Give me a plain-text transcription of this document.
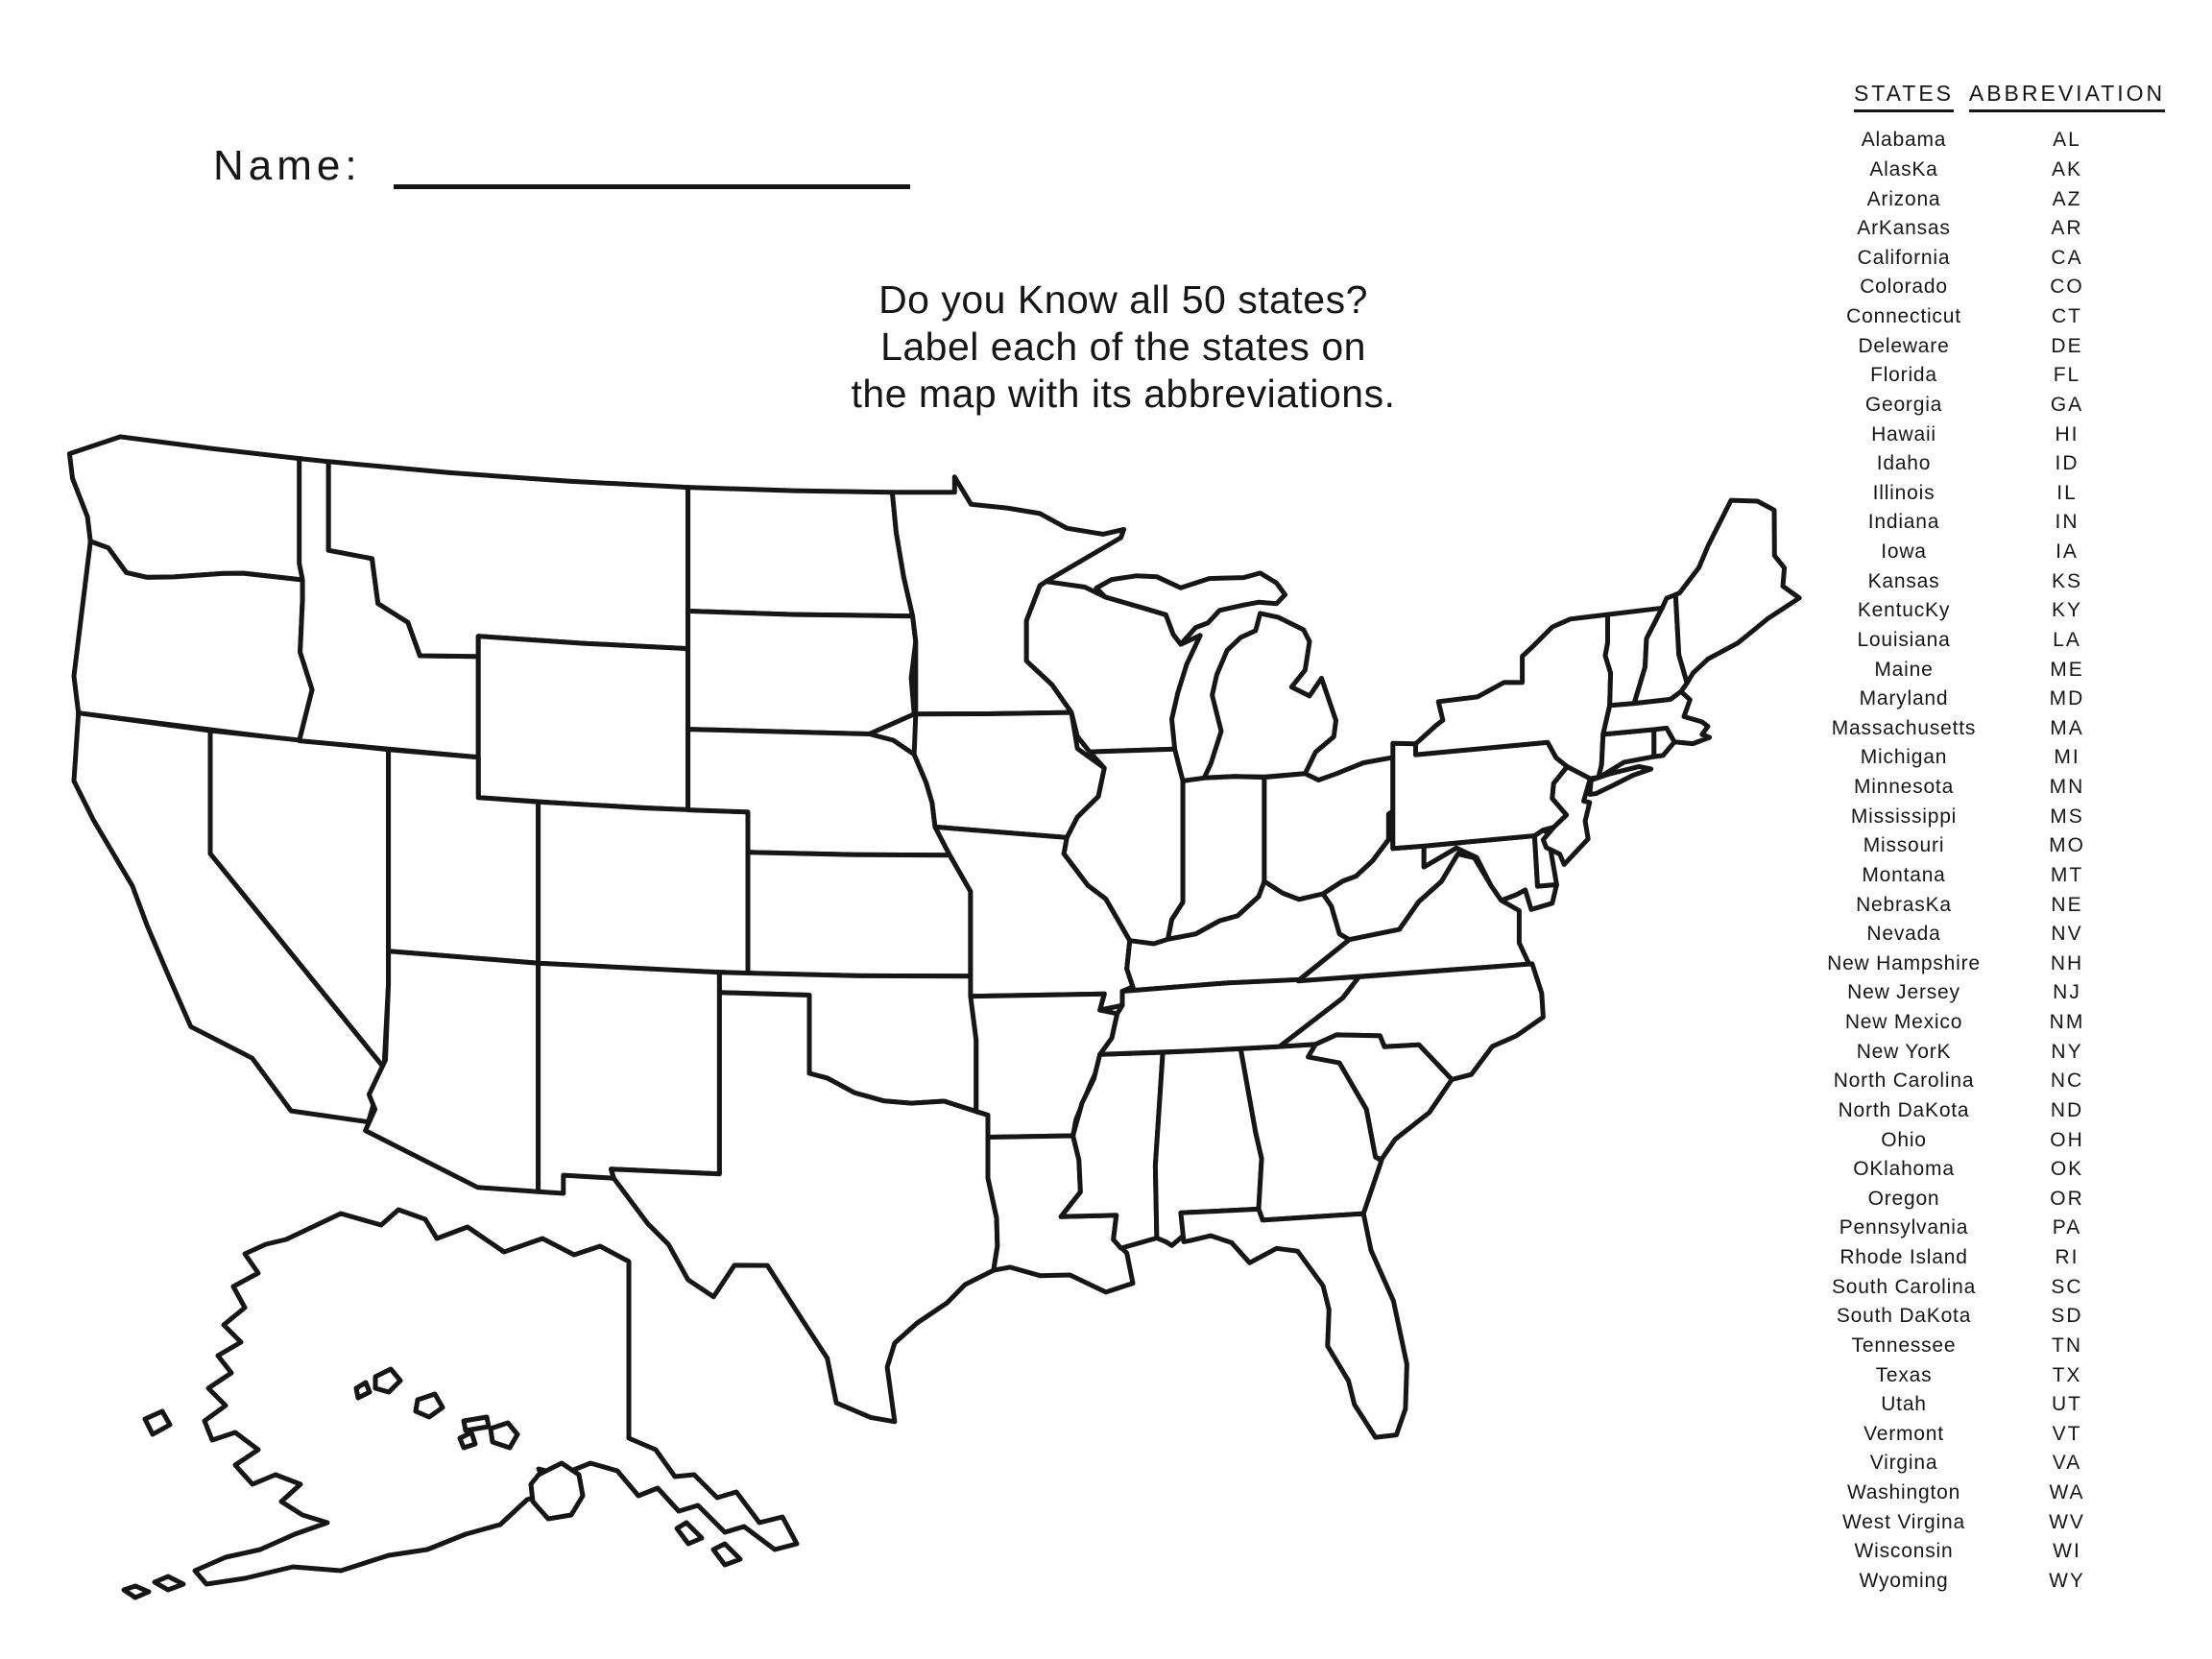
Name:
Do you Know all 50 states?
Label each of the states on
the map with its abbreviations.
STATES ABBREVIATION
Alabama	AL
AlasKa	AK
Arizona	AZ
ArKansas	AR
California	CA
Colorado	CO
Connecticut	CT
Deleware	DE
Florida	FL
Georgia	GA
Hawaii	HI
Idaho	ID
Illinois	IL
Indiana	IN
Iowa	IA
Kansas	KS
KentucKy	KY
Louisiana	LA
Maine	ME
Maryland	MD
Massachusetts	MA
Michigan	MI
Minnesota	MN
Mississippi	MS
Missouri	MO
Montana	MT
NebrasKa	NE
Nevada	NV
New Hampshire	NH
New Jersey	NJ
New Mexico	NM
New YorK	NY
North Carolina	NC
North DaKota	ND
Ohio	OH
OKlahoma	OK
Oregon	OR
Pennsylvania	PA
Rhode Island	RI
South Carolina	SC
South DaKota	SD
Tennessee	TN
Texas	TX
Utah	UT
Vermont	VT
Virgina	VA
Washington	WA
West Virgina	WV
Wisconsin	WI
Wyoming	WY
